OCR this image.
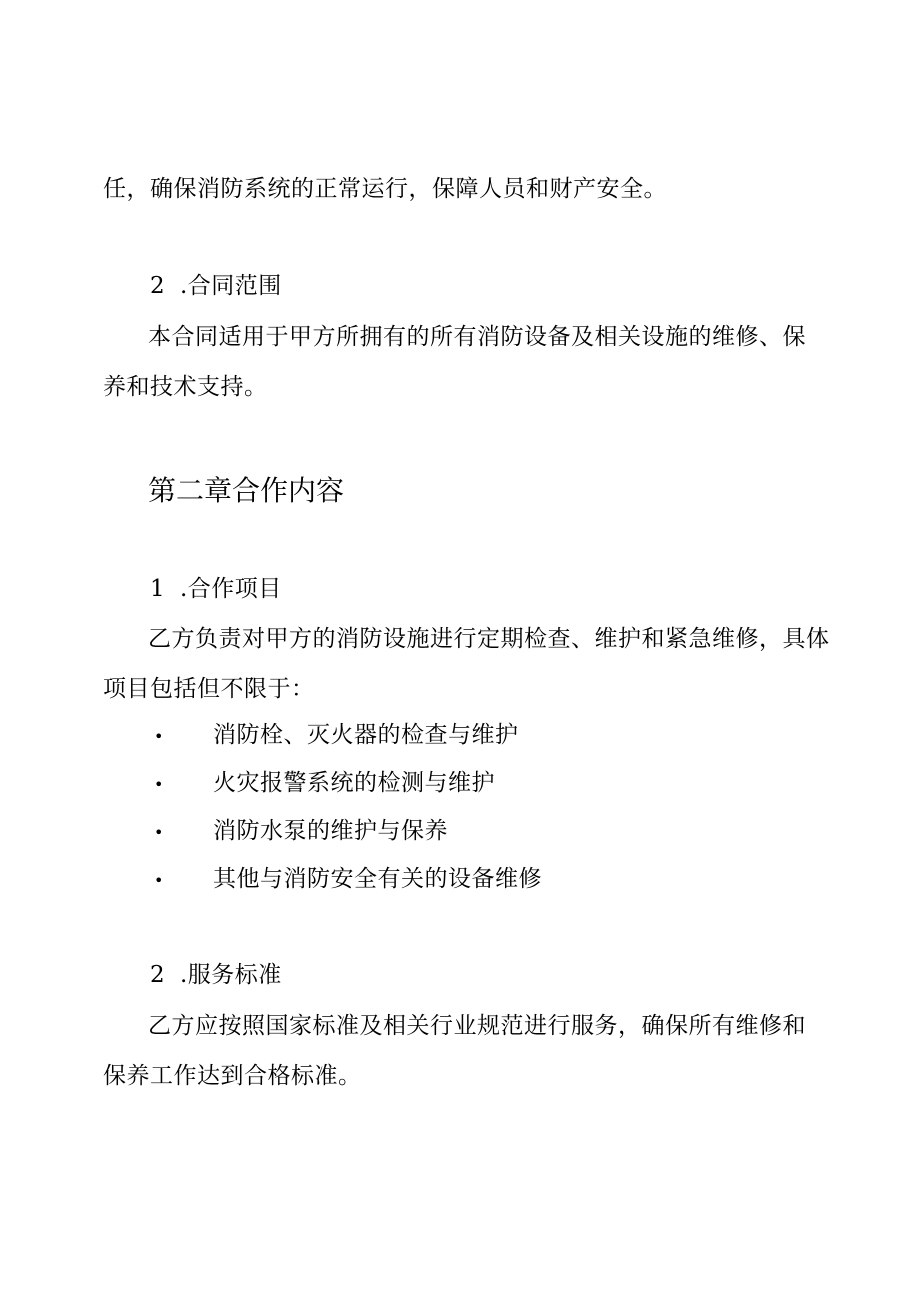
任，确保消防系统的正常运行，保障人员和财产安全。
2 .合同范围
本合同适用于甲方所拥有的所有消防设备及相关设施的维修、保
养和技术支持。
第二章合作内容
1 .合作项目
乙方负责对甲方的消防设施进行定期检查、维护和紧急维修，具体
项目包括但不限于：
• 消防栓、灭火器的检查与维护
• 火灾报警系统的检测与维护
• 消防水泵的维护与保养
• 其他与消防安全有关的设备维修
2 .服务标准
乙方应按照国家标准及相关行业规范进行服务，确保所有维修和
保养工作达到合格标准。
